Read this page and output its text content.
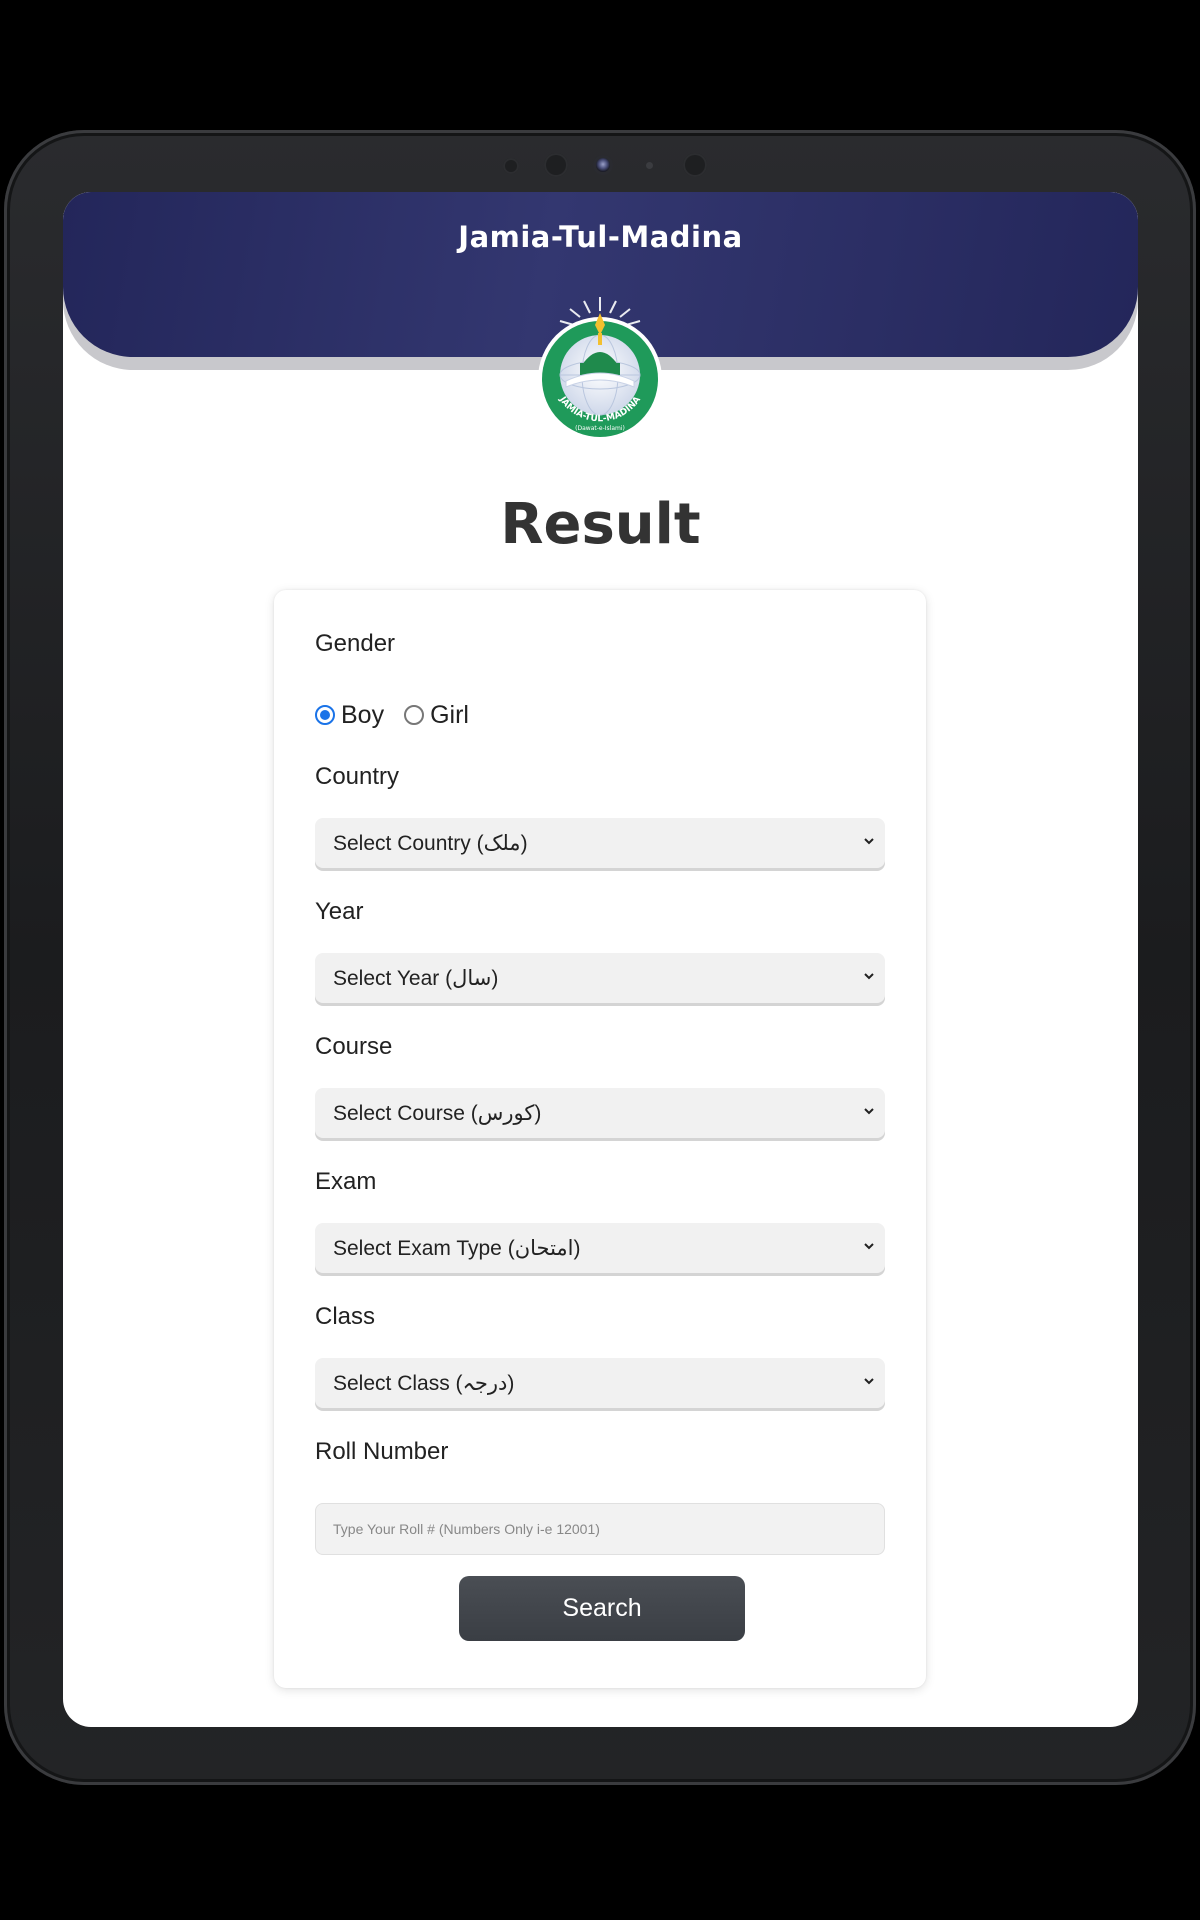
Jamia-Tul-Madina
JAMIA-TUL-MADINA
(Dawat-e-Islami)
Result
Gender
Boy Girl
Country
Select Country (ملک)
Year
Select Year (سال)
Course
Select Course (کورس)
Exam
Select Exam Type (امتحان)
Class
Select Class (درجہ)
Roll Number
Type Your Roll # (Numbers Only i-e 12001)
Search
